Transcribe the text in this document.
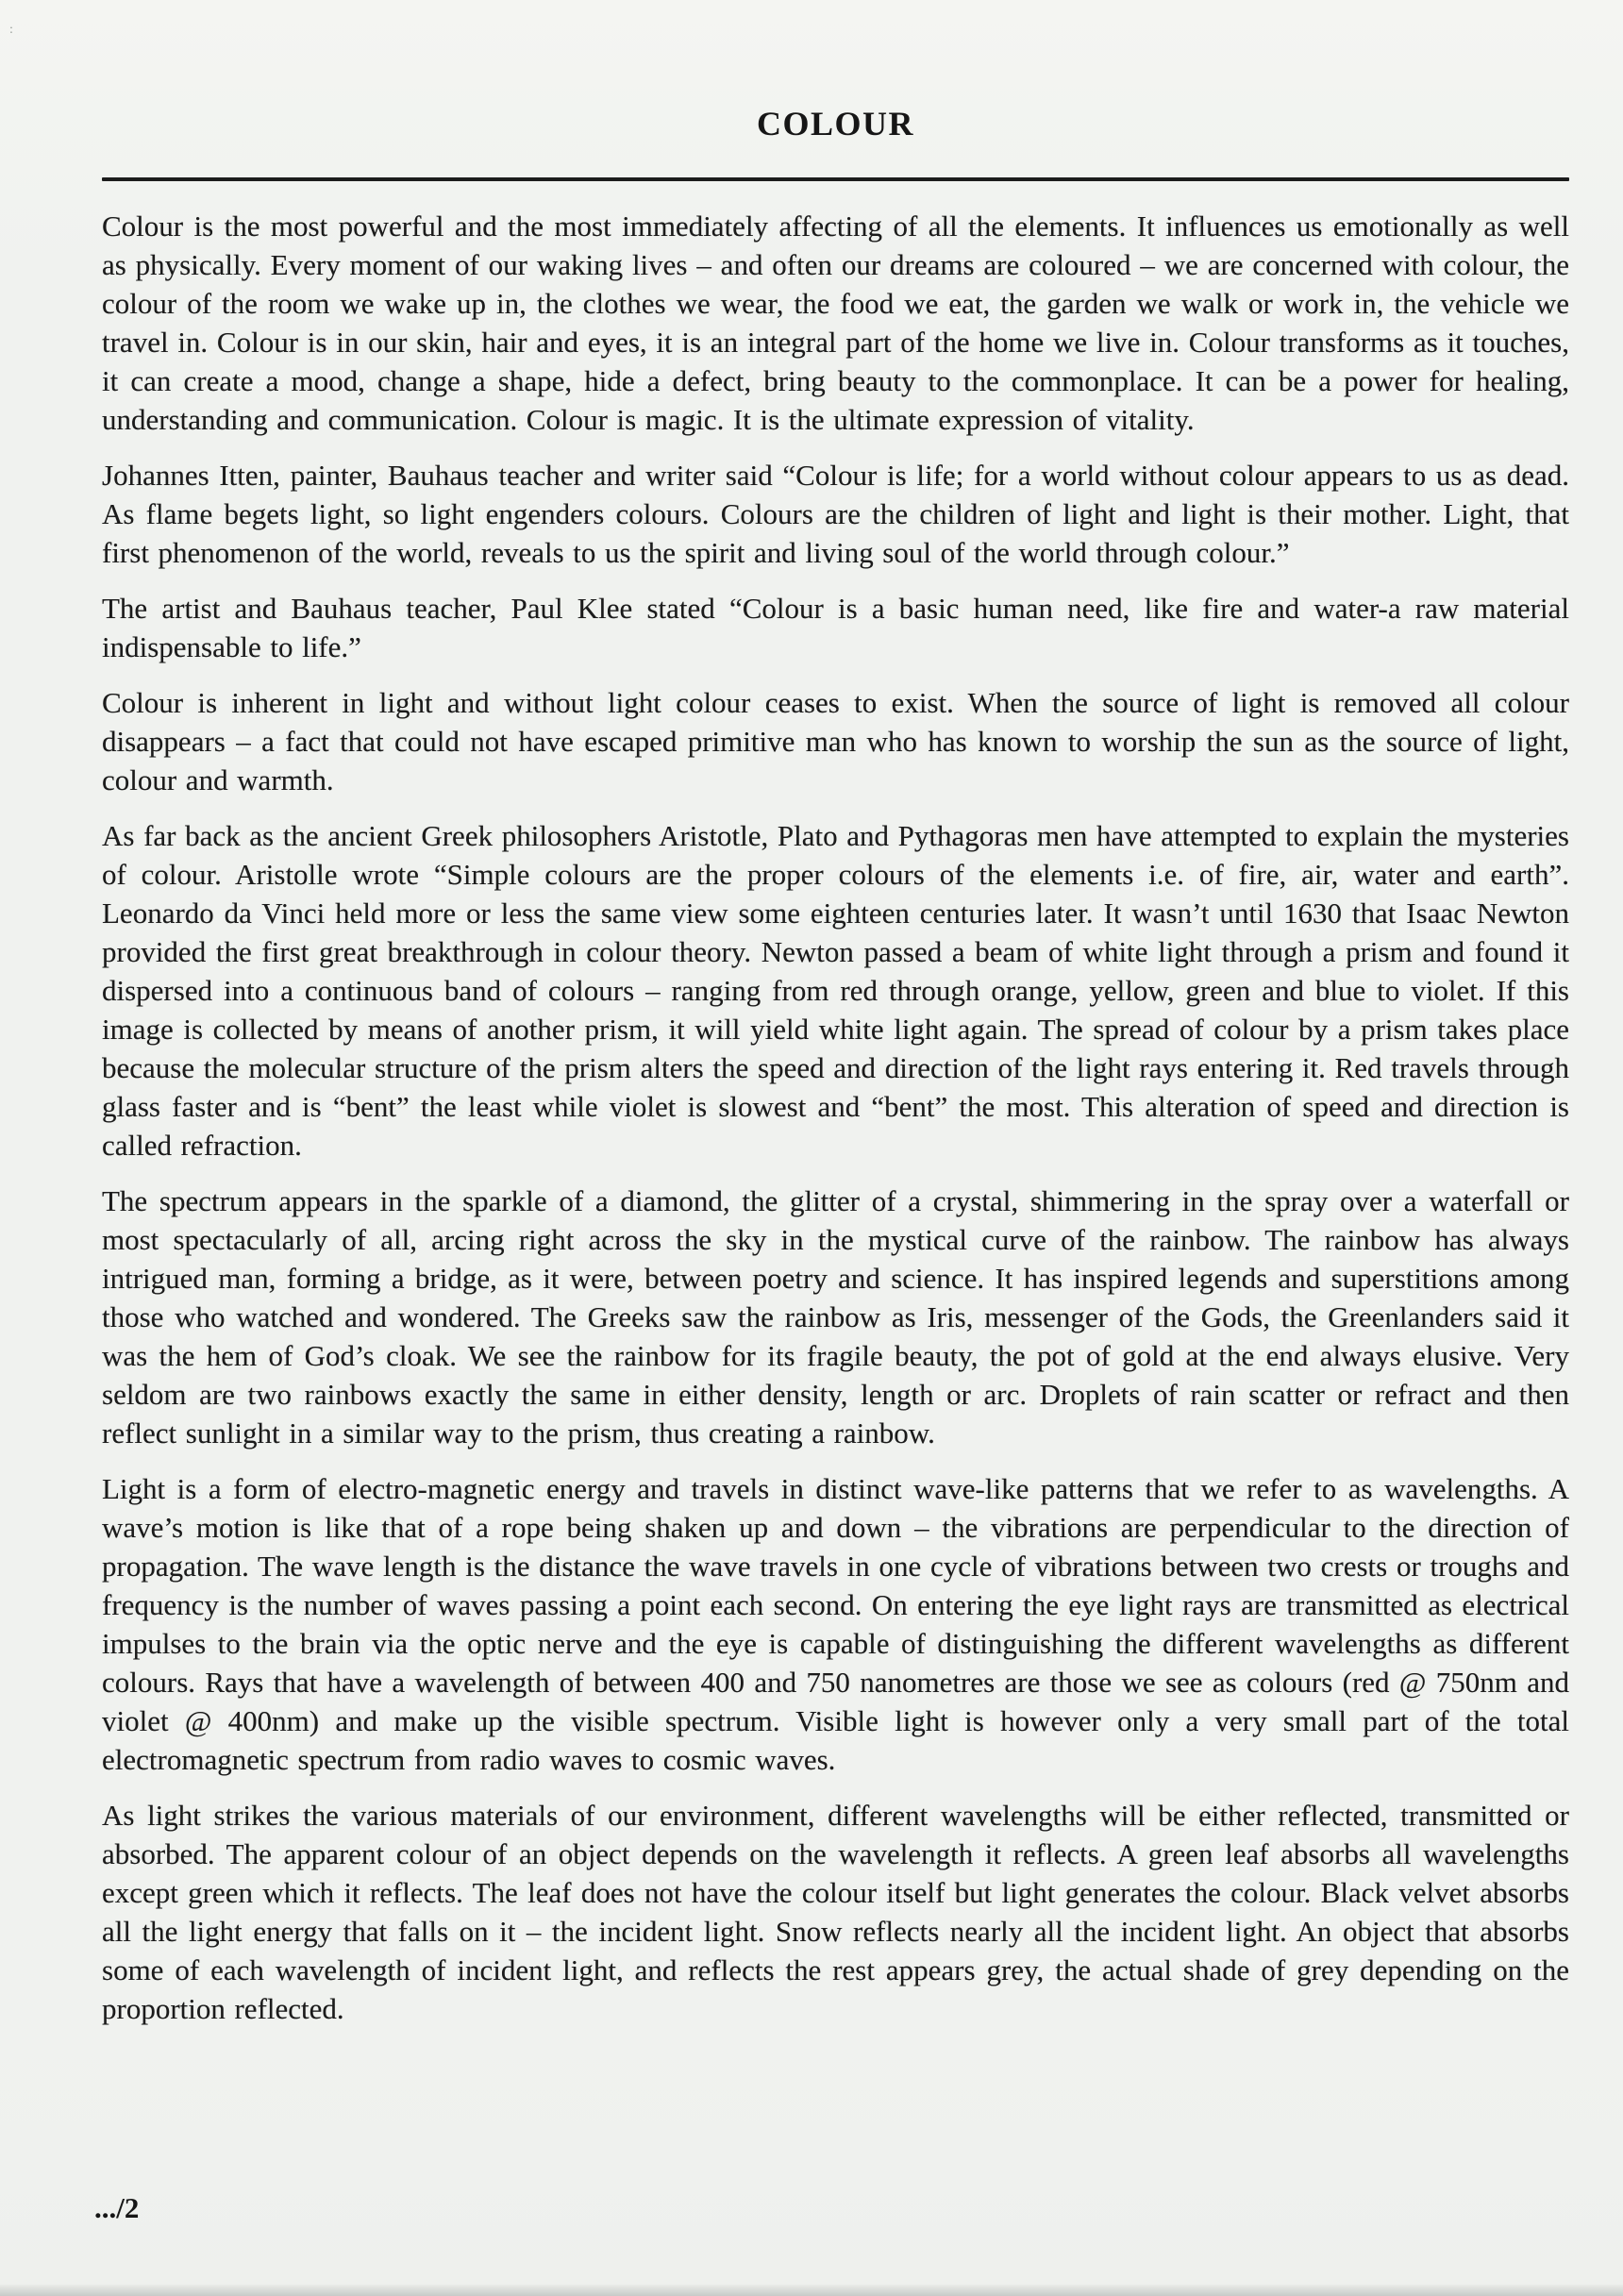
:
COLOUR

Colour is the most powerful and the most immediately affecting of all the elements. It influences us emotionally as well as physically. Every moment of our waking lives – and often our dreams are coloured – we are concerned with colour, the colour of the room we wake up in, the clothes we wear, the food we eat, the garden we walk or work in, the vehicle we travel in. Colour is in our skin, hair and eyes, it is an integral part of the home we live in. Colour transforms as it touches, it can create a mood, change a shape, hide a defect, bring beauty to the commonplace. It can be a power for healing, understanding and communication. Colour is magic. It is the ultimate expression of vitality.

Johannes Itten, painter, Bauhaus teacher and writer said “Colour is life; for a world without colour appears to us as dead. As flame begets light, so light engenders colours. Colours are the children of light and light is their mother. Light, that first phenomenon of the world, reveals to us the spirit and living soul of the world through colour.”

The artist and Bauhaus teacher, Paul Klee stated “Colour is a basic human need, like fire and water-a raw material indispensable to life.”

Colour is inherent in light and without light colour ceases to exist. When the source of light is removed all colour disappears – a fact that could not have escaped primitive man who has known to worship the sun as the source of light, colour and warmth.

As far back as the ancient Greek philosophers Aristotle, Plato and Pythagoras men have attempted to explain the mysteries of colour. Aristolle wrote “Simple colours are the proper colours of the elements i.e. of fire, air, water and earth”. Leonardo da Vinci held more or less the same view some eighteen centuries later. It wasn’t until 1630 that Isaac Newton provided the first great breakthrough in colour theory. Newton passed a beam of white light through a prism and found it dispersed into a continuous band of colours – ranging from red through orange, yellow, green and blue to violet. If this image is collected by means of another prism, it will yield white light again. The spread of colour by a prism takes place because the molecular structure of the prism alters the speed and direction of the light rays entering it. Red travels through glass faster and is “bent” the least while violet is slowest and “bent” the most. This alteration of speed and direction is called refraction.

The spectrum appears in the sparkle of a diamond, the glitter of a crystal, shimmering in the spray over a waterfall or most spectacularly of all, arcing right across the sky in the mystical curve of the rainbow. The rainbow has always intrigued man, forming a bridge, as it were, between poetry and science. It has inspired legends and superstitions among those who watched and wondered. The Greeks saw the rainbow as Iris, messenger of the Gods, the Greenlanders said it was the hem of God’s cloak. We see the rainbow for its fragile beauty, the pot of gold at the end always elusive. Very seldom are two rainbows exactly the same in either density, length or arc. Droplets of rain scatter or refract and then reflect sunlight in a similar way to the prism, thus creating a rainbow.

Light is a form of electro-magnetic energy and travels in distinct wave-like patterns that we refer to as wavelengths. A wave’s motion is like that of a rope being shaken up and down – the vibrations are perpendicular to the direction of propagation. The wave length is the distance the wave travels in one cycle of vibrations between two crests or troughs and frequency is the number of waves passing a point each second. On entering the eye light rays are transmitted as electrical impulses to the brain via the optic nerve and the eye is capable of distinguishing the different wavelengths as different colours. Rays that have a wavelength of between 400 and 750 nanometres are those we see as colours (red @ 750nm and violet @ 400nm) and make up the visible spectrum. Visible light is however only a very small part of the total electromagnetic spectrum from radio waves to cosmic waves.

As light strikes the various materials of our environment, different wavelengths will be either reflected, transmitted or absorbed. The apparent colour of an object depends on the wavelength it reflects. A green leaf absorbs all wavelengths except green which it reflects. The leaf does not have the colour itself but light generates the colour. Black velvet absorbs all the light energy that falls on it – the incident light. Snow reflects nearly all the incident light. An object that absorbs some of each wavelength of incident light, and reflects the rest appears grey, the actual shade of grey depending on the proportion reflected.

.../2
